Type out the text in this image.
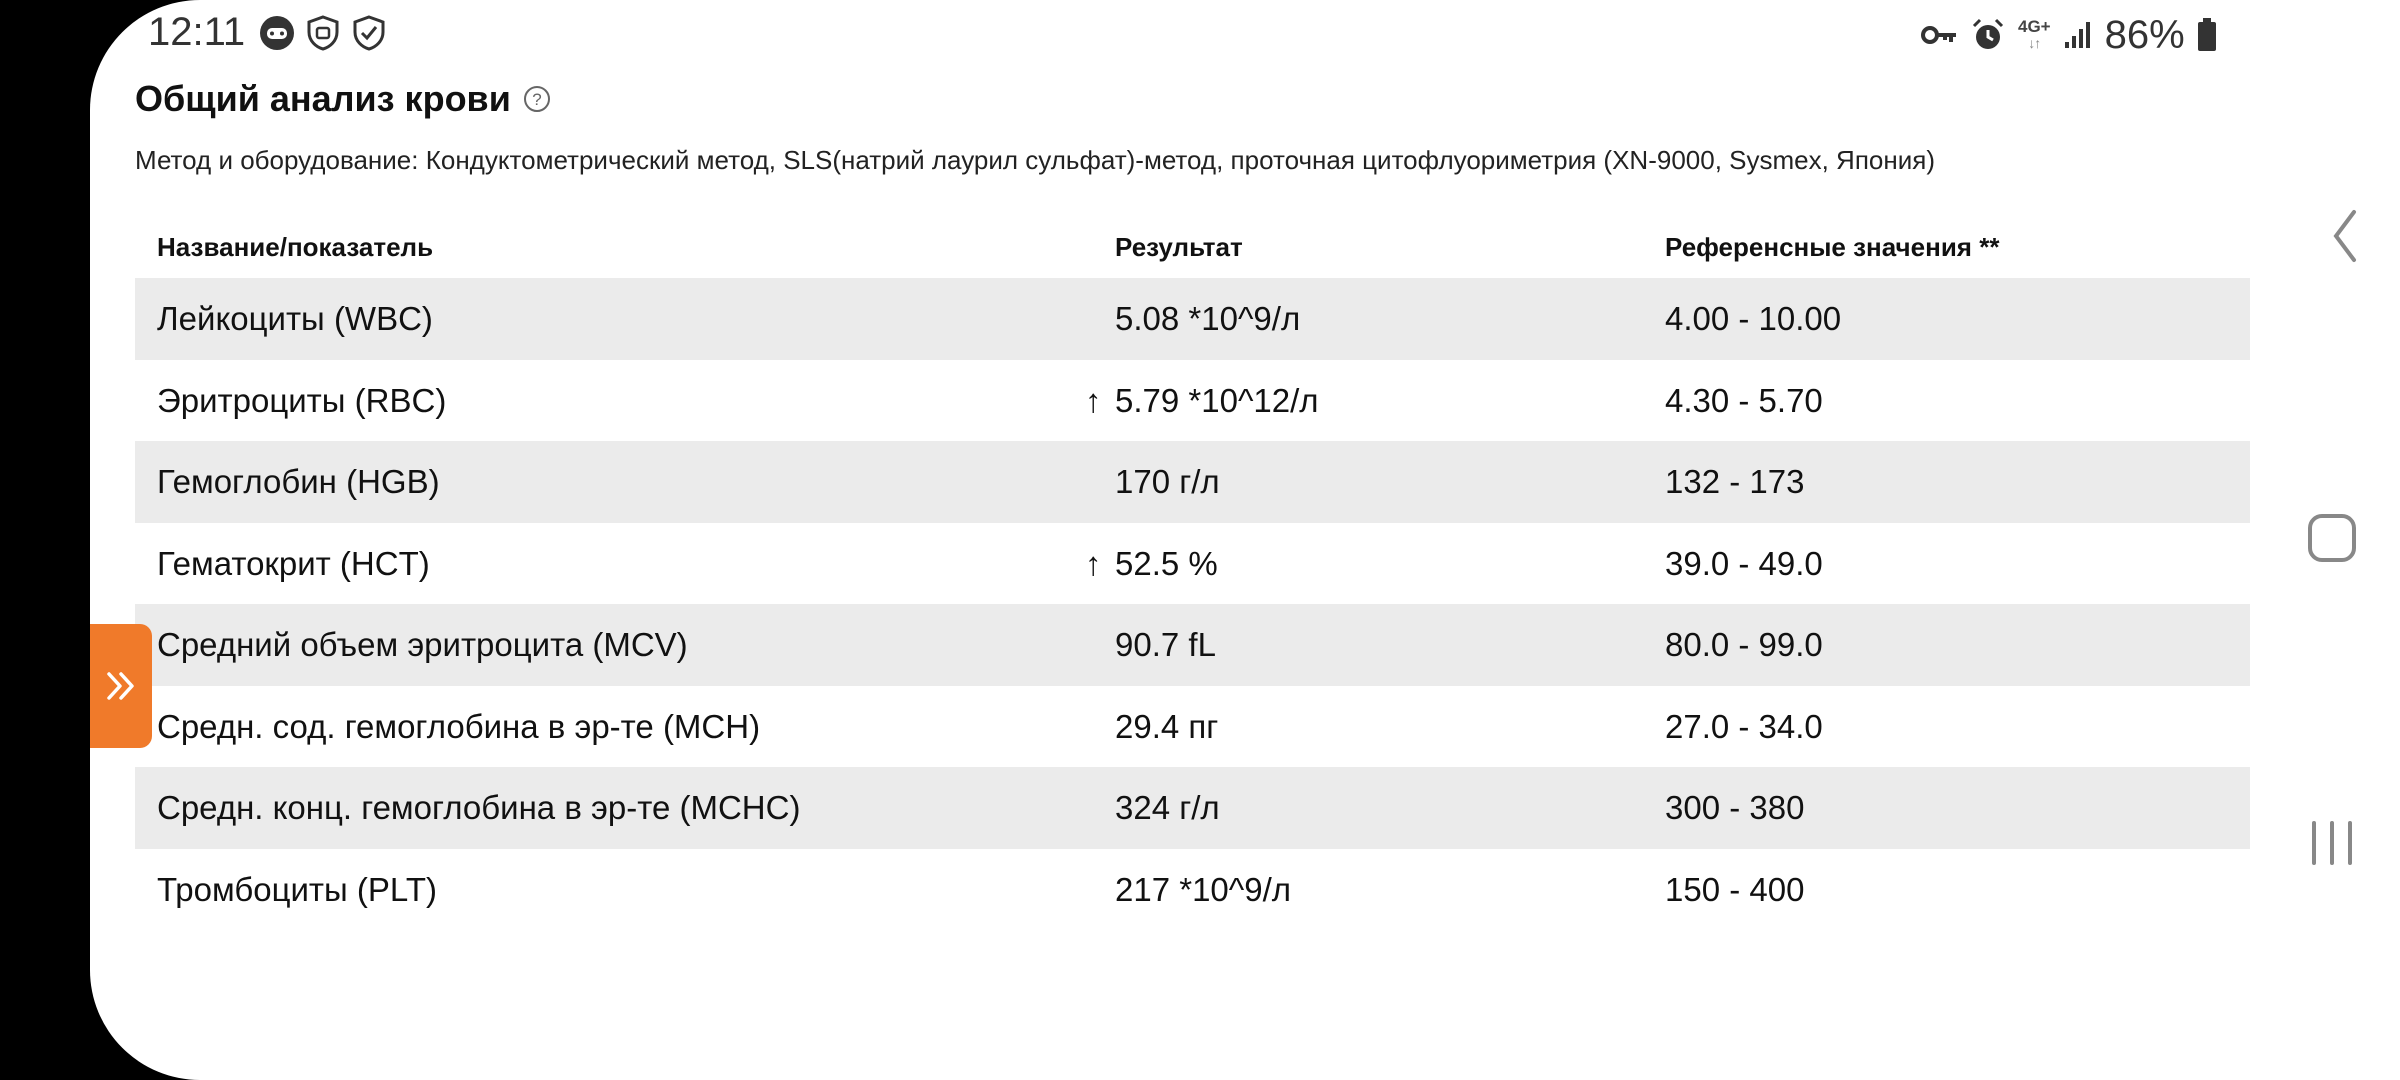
12:11	4G+
↓↑ 86%
Общий анализ крови ?
Метод и оборудование: Кондуктометрический метод, SLS(натрий лаурил сульфат)-метод, проточная цитофлуориметрия (XN-9000, Sysmex, Япония)
Название/показатель	Результат	Референсные значения **
Лейкоциты (WBC)	5.08 *10^9/л	4.00 - 10.00
Эритроциты (RBC)	↑ 5.79 *10^12/л	4.30 - 5.70
Гемоглобин (HGB)	170 г/л	132 - 173
Гематокрит (HCT)	↑ 52.5 %	39.0 - 49.0
Средний объем эритроцита (MCV)	90.7 fL	80.0 - 99.0
Средн. сод. гемоглобина в эр-те (MCH)	29.4 пг	27.0 - 34.0
Средн. конц. гемоглобина в эр-те (MCHC)	324 г/л	300 - 380
Тромбоциты (PLT)	217 *10^9/л	150 - 400
